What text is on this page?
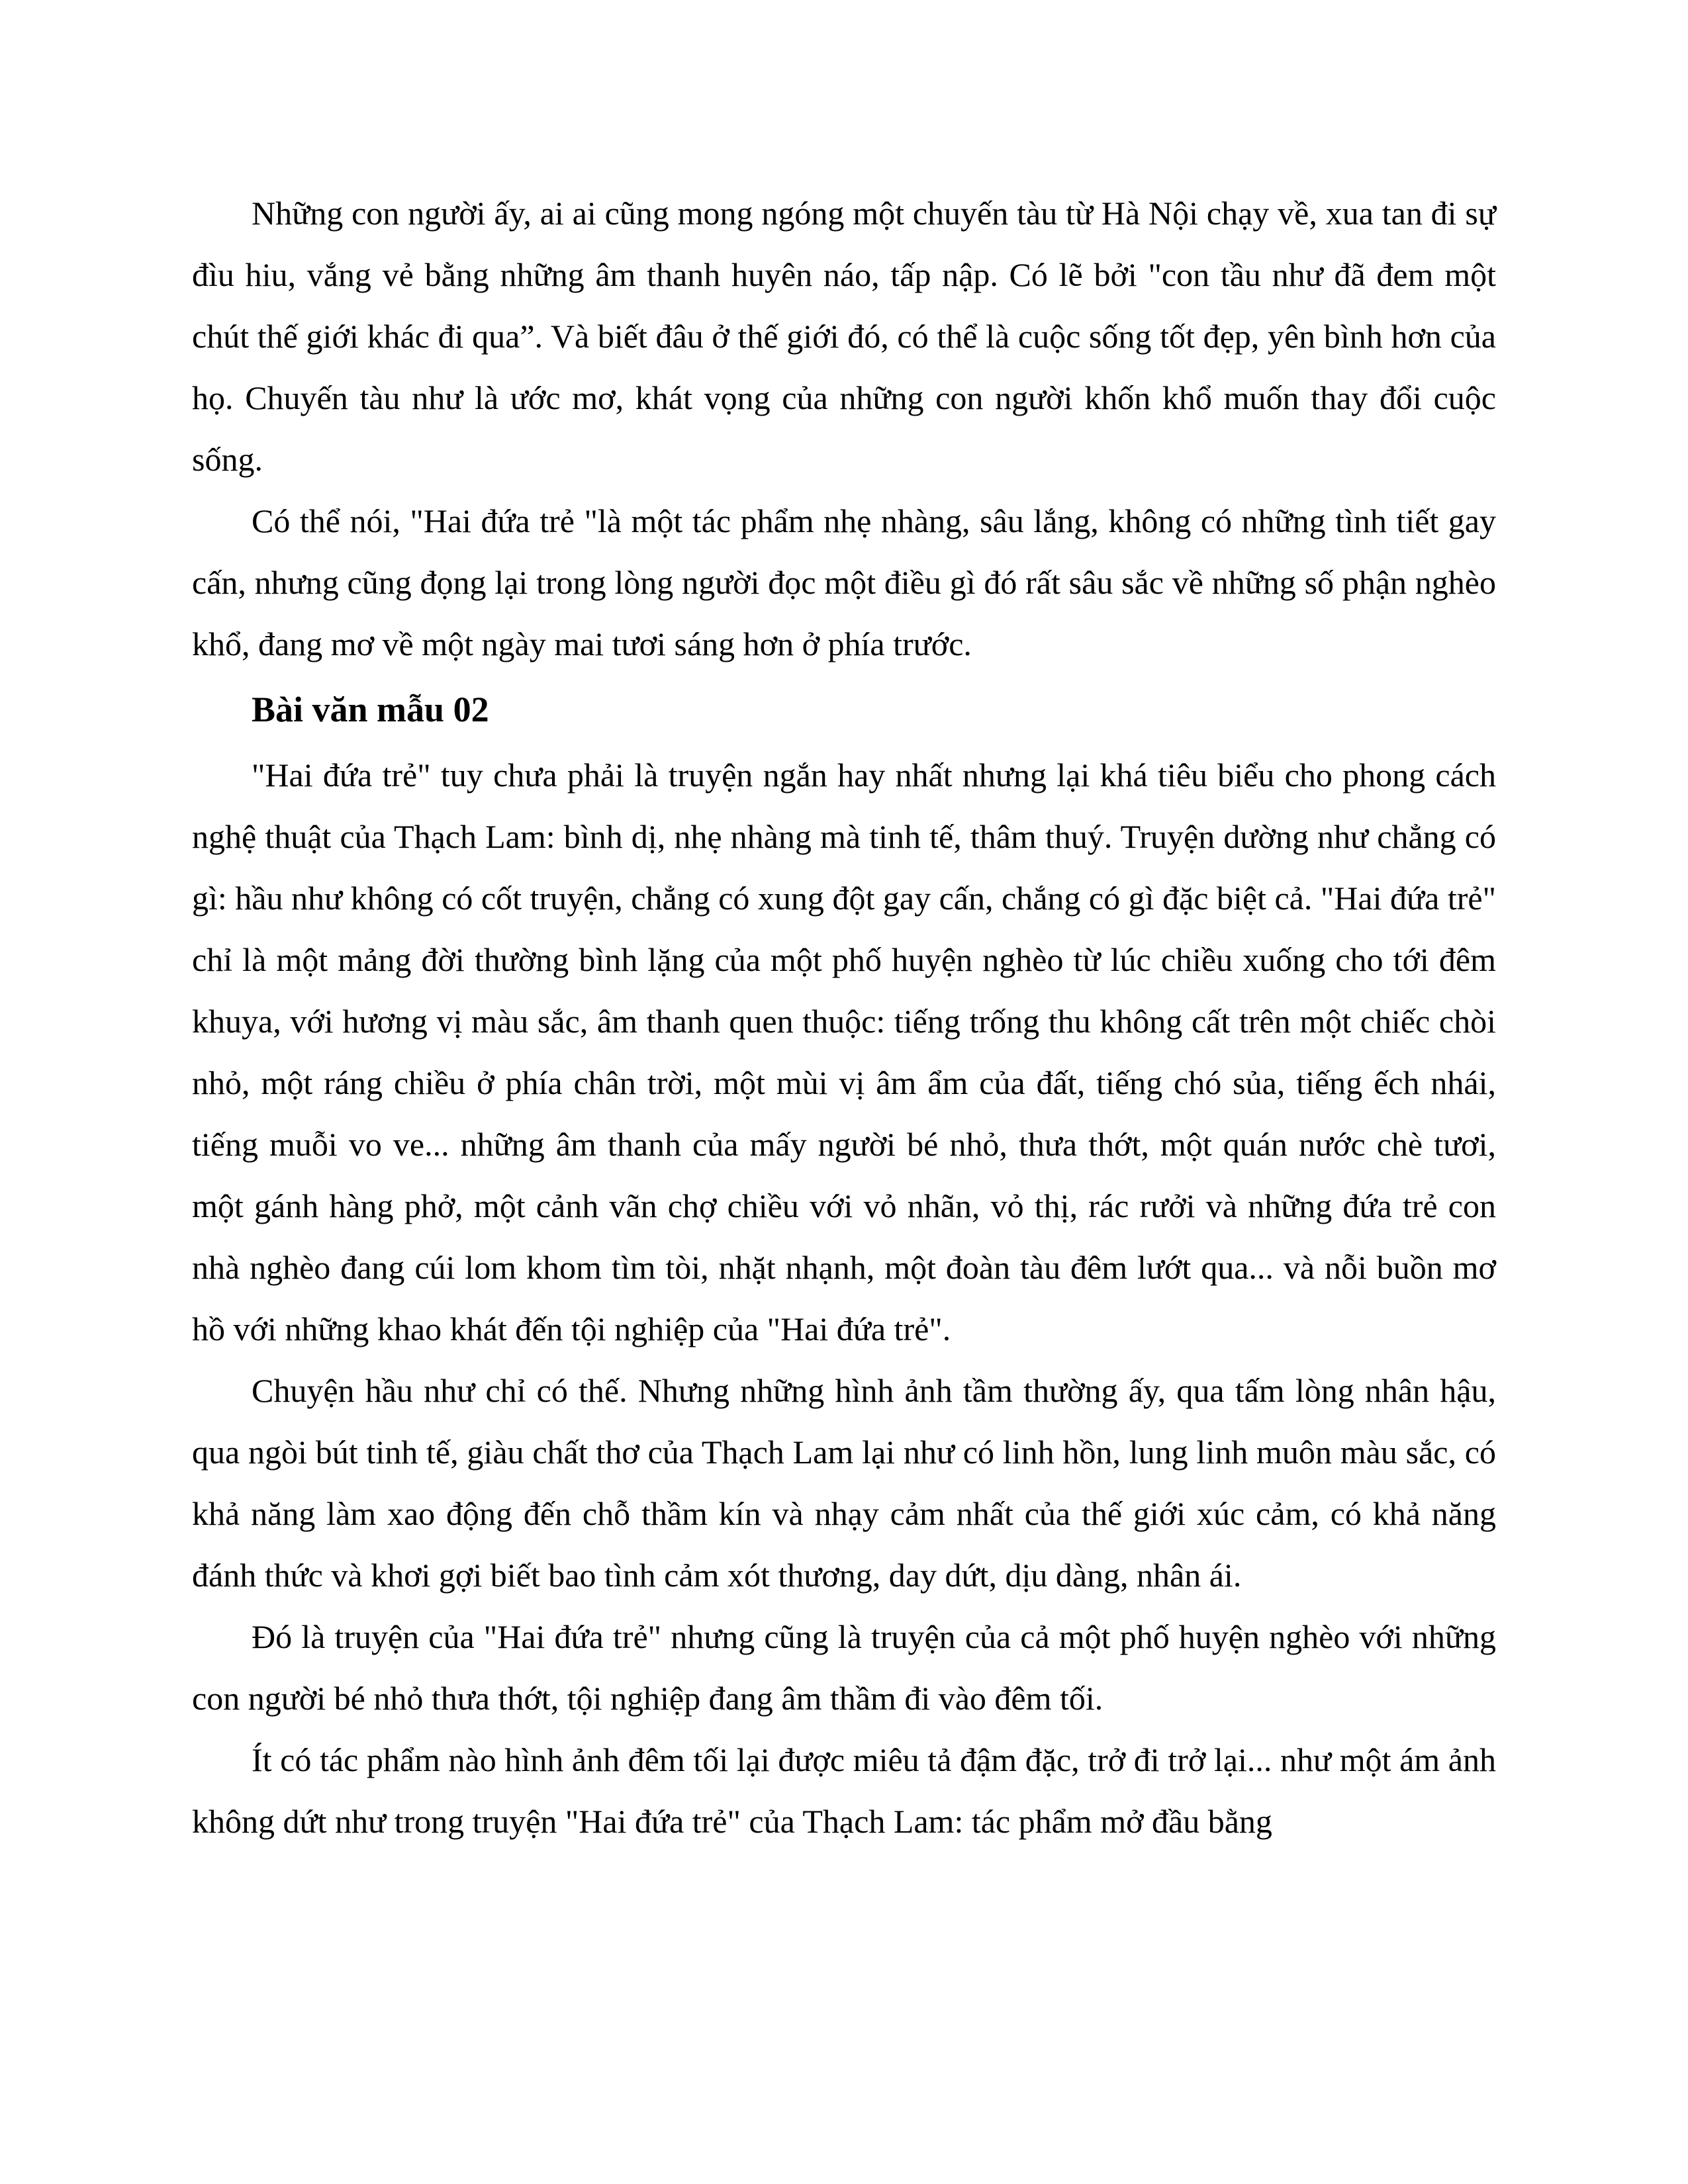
Những con người ấy, ai ai cũng mong ngóng một chuyến tàu từ Hà Nội chạy về, xua tan đi sự đìu hiu, vắng vẻ bằng những âm thanh huyên náo, tấp nập. Có lẽ bởi "con tầu như đã đem một chút thế giới khác đi qua”. Và biết đâu ở thế giới đó, có thể là cuộc sống tốt đẹp, yên bình hơn của họ. Chuyến tàu như là ước mơ, khát vọng của những con người khốn khổ muốn thay đổi cuộc sống.

Có thể nói, "Hai đứa trẻ "là một tác phẩm nhẹ nhàng, sâu lắng, không có những tình tiết gay cấn, nhưng cũng đọng lại trong lòng người đọc một điều gì đó rất sâu sắc về những số phận nghèo khổ, đang mơ về một ngày mai tươi sáng hơn ở phía trước.

Bài văn mẫu 02

"Hai đứa trẻ" tuy chưa phải là truyện ngắn hay nhất nhưng lại khá tiêu biểu cho phong cách nghệ thuật của Thạch Lam: bình dị, nhẹ nhàng mà tinh tế, thâm thuý. Truyện dường như chẳng có gì: hầu như không có cốt truyện, chẳng có xung đột gay cấn, chắng có gì đặc biệt cả. "Hai đứa trẻ" chỉ là một mảng đời thường bình lặng của một phố huyện nghèo từ lúc chiều xuống cho tới đêm khuya, với hương vị màu sắc, âm thanh quen thuộc: tiếng trống thu không cất trên một chiếc chòi nhỏ, một ráng chiều ở phía chân trời, một mùi vị âm ẩm của đất, tiếng chó sủa, tiếng ếch nhái, tiếng muỗi vo ve... những âm thanh của mấy người bé nhỏ, thưa thớt, một quán nước chè tươi, một gánh hàng phở, một cảnh vãn chợ chiều với vỏ nhãn, vỏ thị, rác rưởi và những đứa trẻ con nhà nghèo đang cúi lom khom tìm tòi, nhặt nhạnh, một đoàn tàu đêm lướt qua... và nỗi buồn mơ hồ với những khao khát đến tội nghiệp của "Hai đứa trẻ".

Chuyện hầu như chỉ có thế. Nhưng những hình ảnh tầm thường ấy, qua tấm lòng nhân hậu, qua ngòi bút tinh tế, giàu chất thơ của Thạch Lam lại như có linh hồn, lung linh muôn màu sắc, có khả năng làm xao động đến chỗ thầm kín và nhạy cảm nhất của thế giới xúc cảm, có khả năng đánh thức và khơi gợi biết bao tình cảm xót thương, day dứt, dịu dàng, nhân ái.

Đó là truyện của "Hai đứa trẻ" nhưng cũng là truyện của cả một phố huyện nghèo với những con người bé nhỏ thưa thớt, tội nghiệp đang âm thầm đi vào đêm tối.

Ít có tác phẩm nào hình ảnh đêm tối lại được miêu tả đậm đặc, trở đi trở lại... như một ám ảnh không dứt như trong truyện "Hai đứa trẻ" của Thạch Lam: tác phẩm mở đầu bằng
